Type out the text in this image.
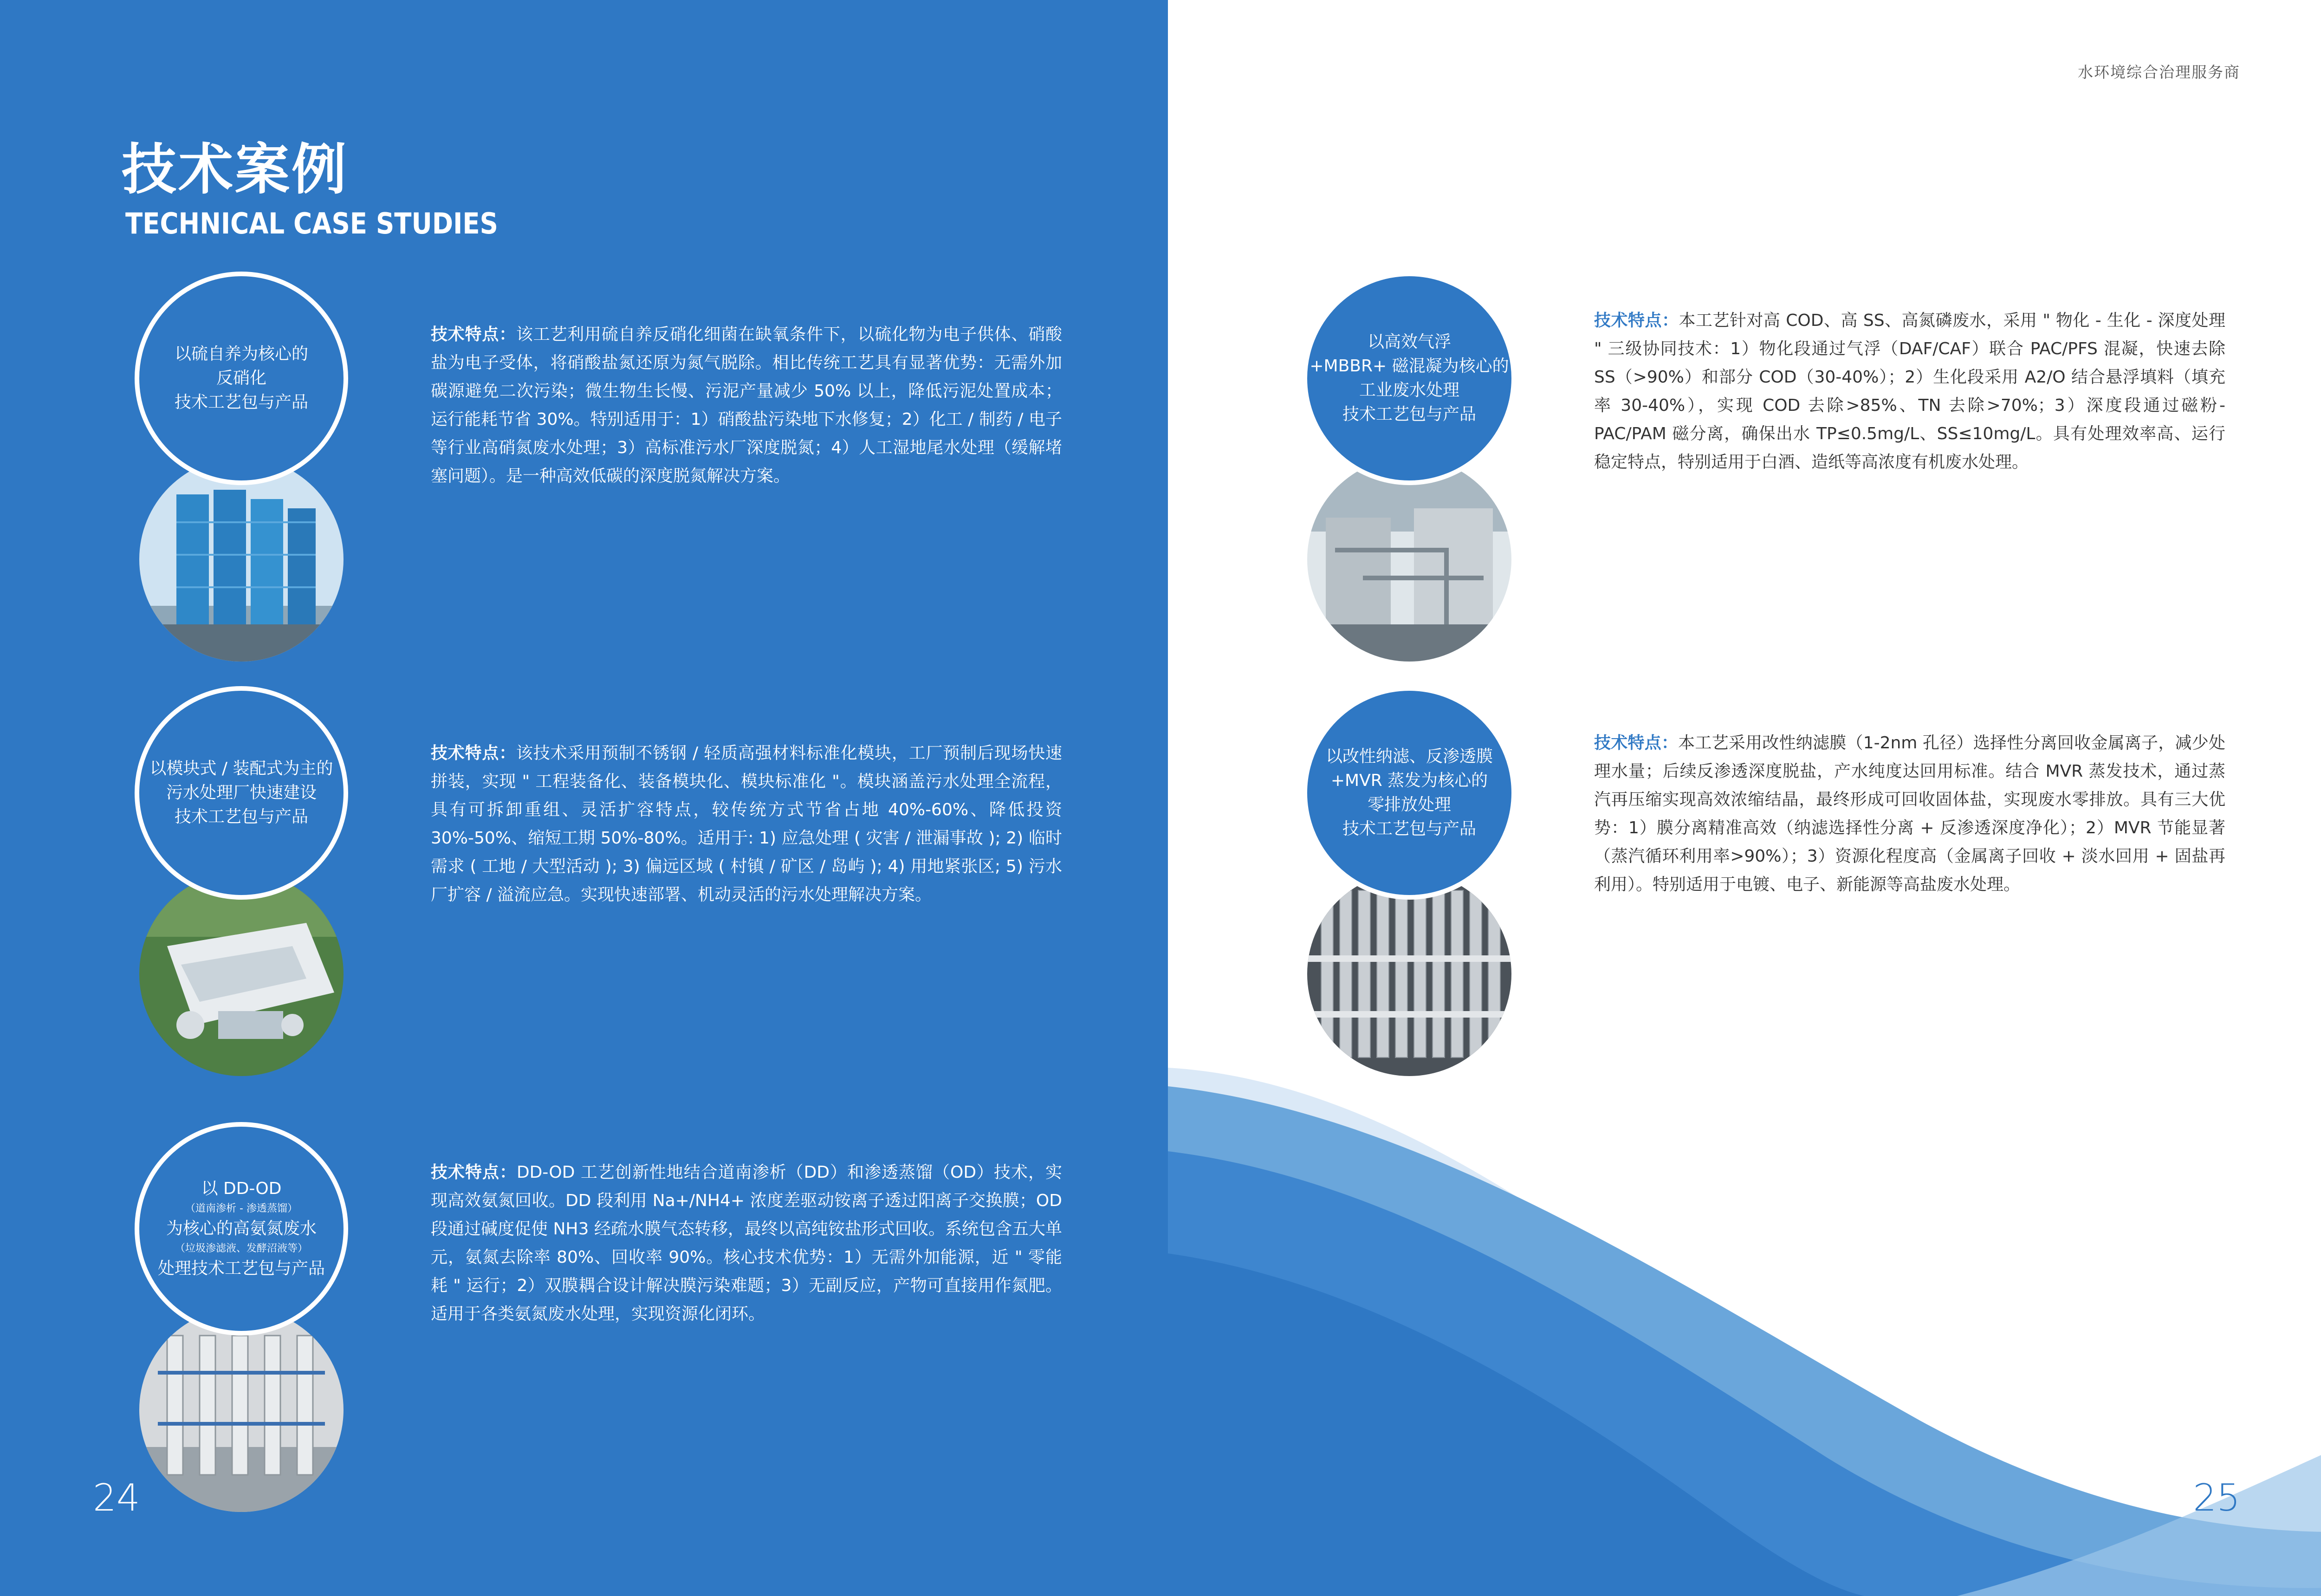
技术案例
TECHNICAL CASE STUDIES
以硫自养为核心的
反硝化
技术工艺包与产品
技术特点：该工艺利用硫自养反硝化细菌在缺氧条件下，以硫化物为电子供体、硝酸盐为电子受体，将硝酸盐氮还原为氮气脱除。相比传统工艺具有显著优势：无需外加碳源避免二次污染；微生物生长慢、污泥产量减少 50% 以上，降低污泥处置成本；运行能耗节省 30%。特别适用于：1）硝酸盐污染地下水修复；2）化工 / 制药 / 电子等行业高硝氮废水处理；3）高标准污水厂深度脱氮；4）人工湿地尾水处理（缓解堵塞问题）。是一种高效低碳的深度脱氮解决方案。
以模块式 / 装配式为主的
污水处理厂快速建设
技术工艺包与产品
技术特点：该技术采用预制不锈钢 / 轻质高强材料标准化模块，工厂预制后现场快速拼装，实现 " 工程装备化、装备模块化、模块标准化 "。模块涵盖污水处理全流程，具有可拆卸重组、灵活扩容特点，较传统方式节省占地 40%-60%、降低投资 30%-50%、缩短工期 50%-80%。适用于: 1) 应急处理 ( 灾害 / 泄漏事故 ); 2) 临时需求 ( 工地 / 大型活动 ); 3) 偏远区域 ( 村镇 / 矿区 / 岛屿 ); 4) 用地紧张区; 5) 污水厂扩容 / 溢流应急。实现快速部署、机动灵活的污水处理解决方案。
以 DD-OD
（道南渗析 - 渗透蒸馏）
为核心的高氨氮废水
（垃圾渗滤液、发酵沼液等）
处理技术工艺包与产品
技术特点：DD-OD 工艺创新性地结合道南渗析（DD）和渗透蒸馏（OD）技术，实现高效氨氮回收。DD 段利用 Na+/NH4+ 浓度差驱动铵离子透过阳离子交换膜；OD 段通过碱度促使 NH3 经疏水膜气态转移，最终以高纯铵盐形式回收。系统包含五大单元，氨氮去除率 80%、回收率 90%。核心技术优势：1）无需外加能源，近 " 零能耗 " 运行；2）双膜耦合设计解决膜污染难题；3）无副反应，产物可直接用作氮肥。适用于各类氨氮废水处理，实现资源化闭环。
24
水环境综合治理服务商
以高效气浮
+MBBR+ 磁混凝为核心的
工业废水处理
技术工艺包与产品
技术特点：本工艺针对高 COD、高 SS、高氮磷废水，采用 " 物化 - 生化 - 深度处理 " 三级协同技术：1）物化段通过气浮（DAF/CAF）联合 PAC/PFS 混凝，快速去除 SS（>90%）和部分 COD（30-40%）；2）生化段采用 A2/O 结合悬浮填料（填充率 30-40%），实现 COD 去除>85%、TN 去除>70%；3）深度段通过磁粉-PAC/PAM 磁分离，确保出水 TP≤0.5mg/L、SS≤10mg/L。具有处理效率高、运行稳定特点，特别适用于白酒、造纸等高浓度有机废水处理。
以改性纳滤、反渗透膜
+MVR 蒸发为核心的
零排放处理
技术工艺包与产品
技术特点：本工艺采用改性纳滤膜（1-2nm 孔径）选择性分离回收金属离子，减少处理水量；后续反渗透深度脱盐，产水纯度达回用标准。结合 MVR 蒸发技术，通过蒸汽再压缩实现高效浓缩结晶，最终形成可回收固体盐，实现废水零排放。具有三大优势：1）膜分离精准高效（纳滤选择性分离 + 反渗透深度净化）；2）MVR 节能显著（蒸汽循环利用率>90%）；3）资源化程度高（金属离子回收 + 淡水回用 + 固盐再利用）。特别适用于电镀、电子、新能源等高盐废水处理。
25
